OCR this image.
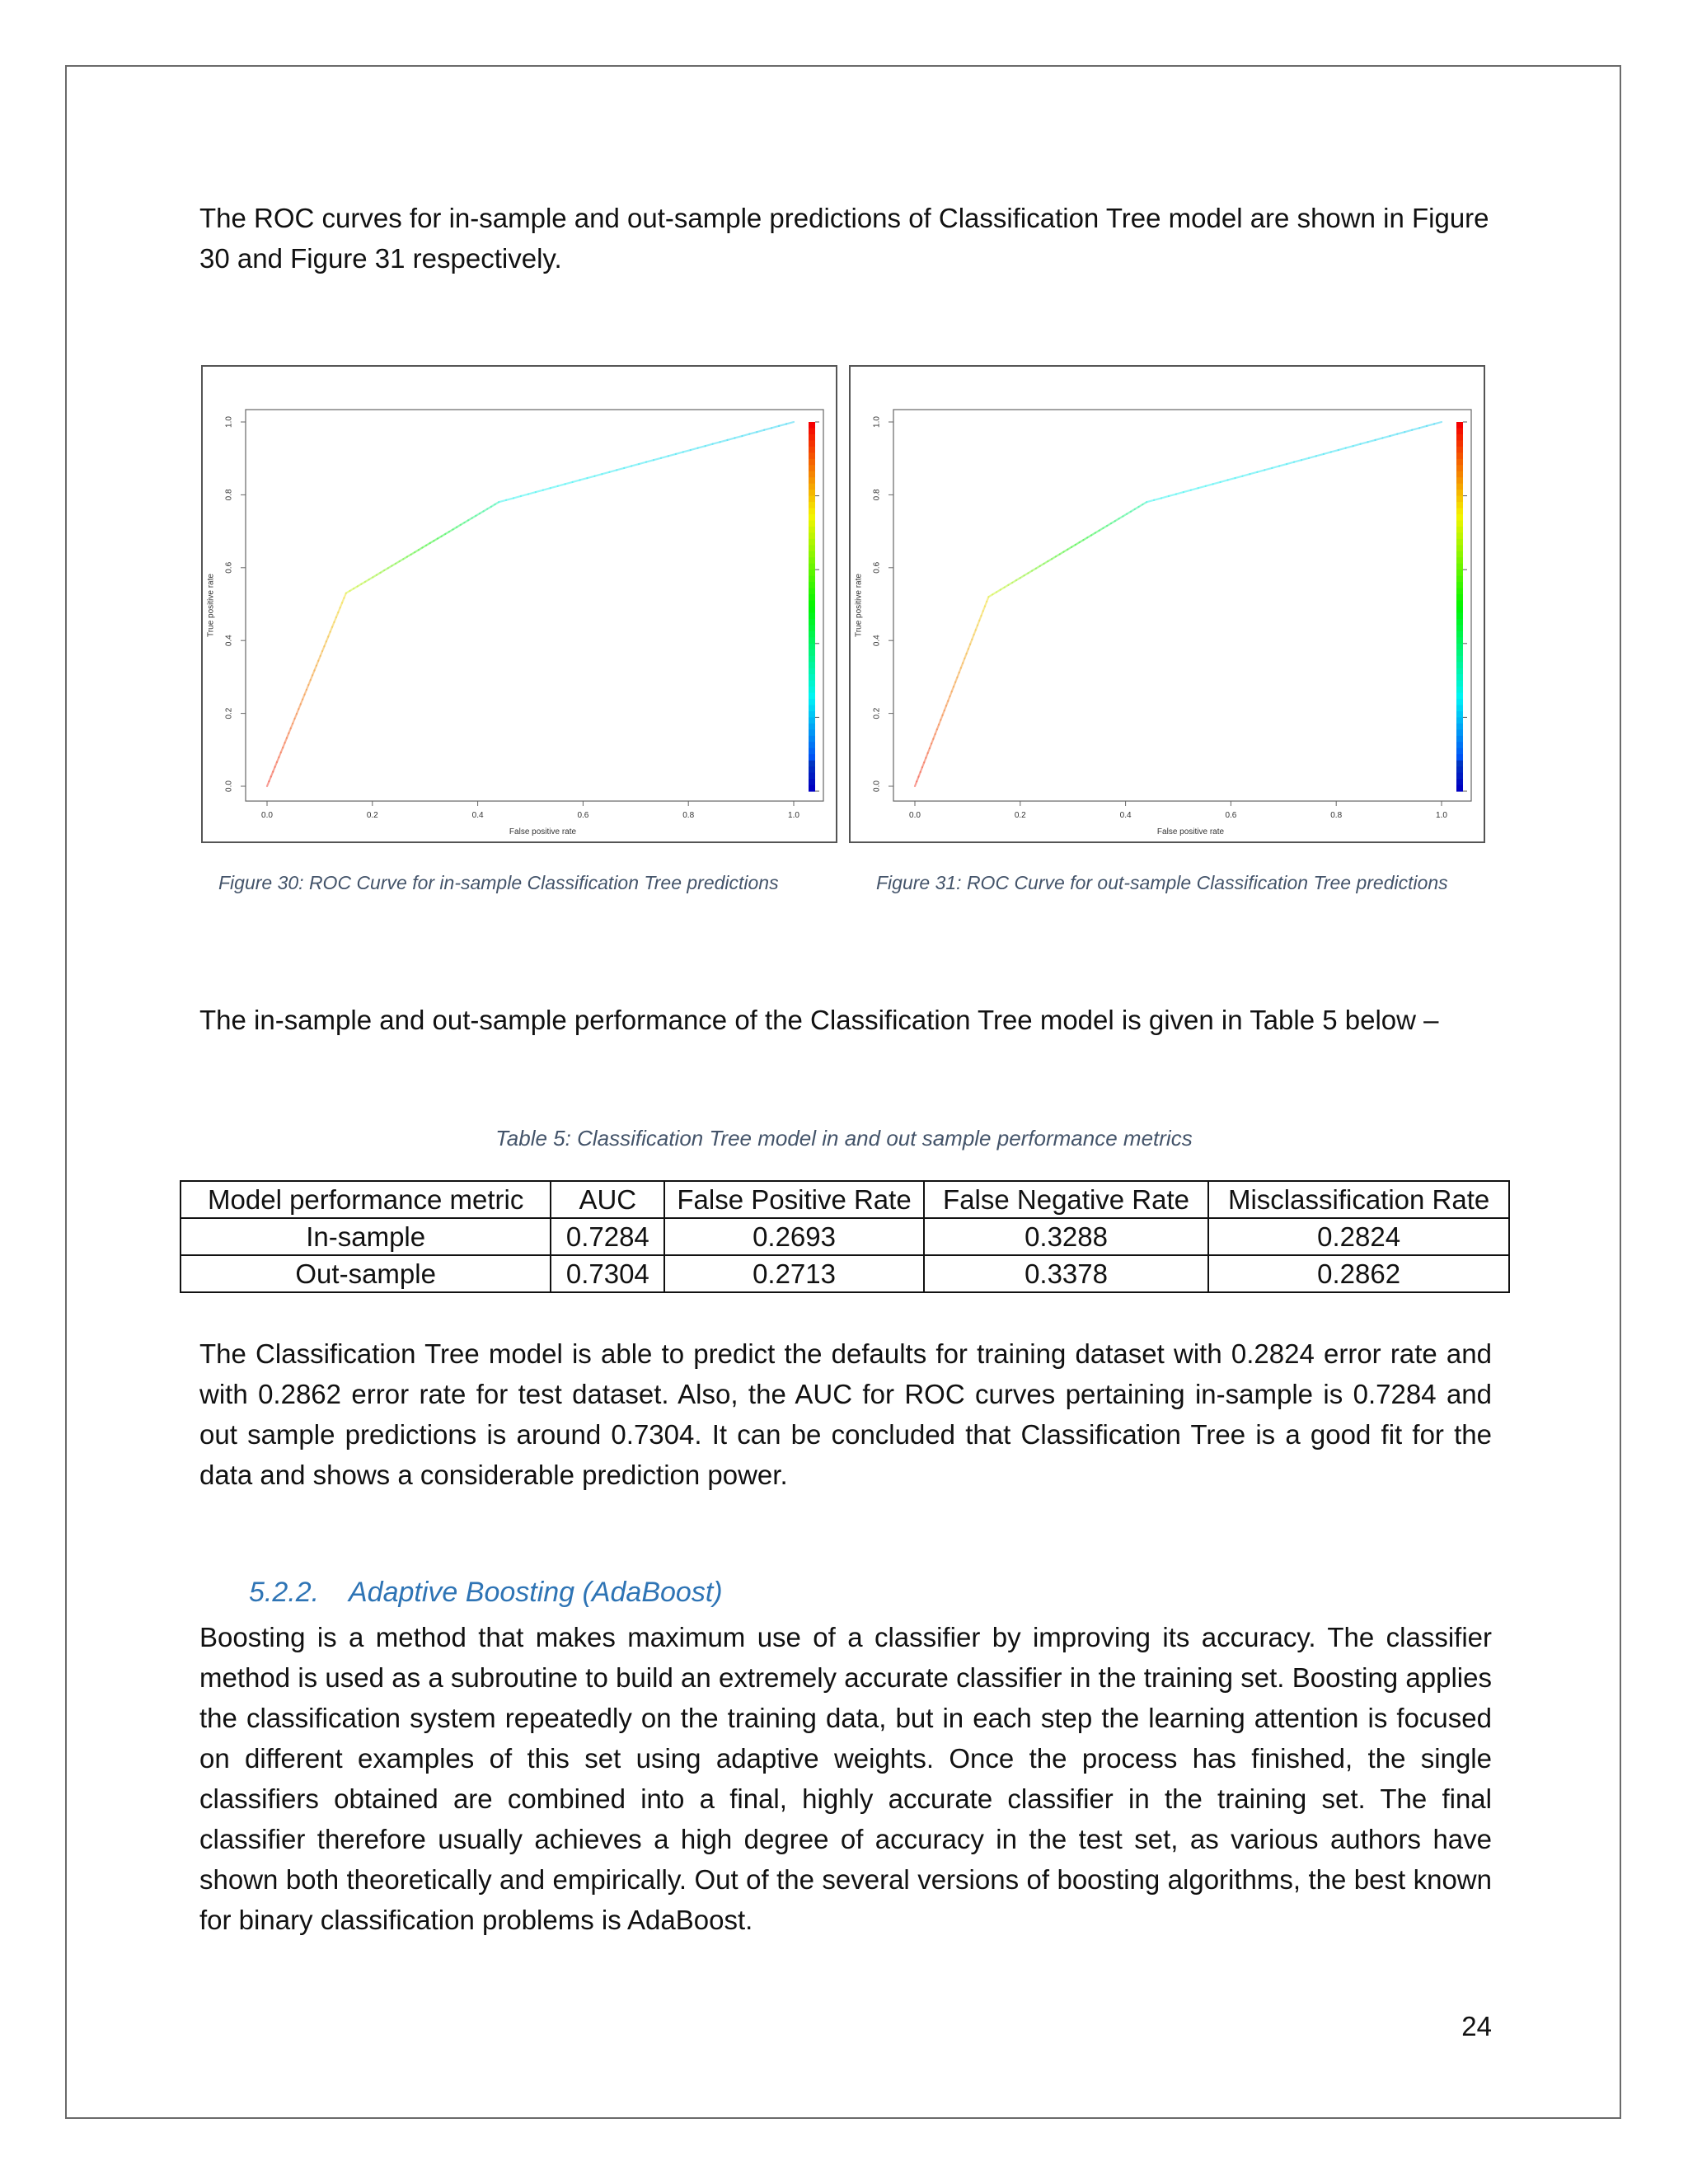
The ROC curves for in-sample and out-sample predictions of Classification Tree model are shown in Figure 30 and Figure 31 respectively.

0.0	0.2	0.4	0.6	0.8	1.0
0.0
0.2
0.4
0.6
0.8
1.0
False positive rate
True positive rate
0.0	0.2	0.4	0.6	0.8	1.0
0.0
0.2
0.4
0.6
0.8
1.0
False positive rate
True positive rate
Figure 30: ROC Curve for in-sample Classification Tree predictions	Figure 31: ROC Curve for out-sample Classification Tree predictions

The in-sample and out-sample performance of the Classification Tree model is given in Table 5 below –

Table 5: Classification Tree model in and out sample performance metrics
Model performance metric	AUC	False Positive Rate	False Negative Rate	Misclassification Rate
In-sample	0.7284	0.2693	0.3288	0.2824
Out-sample	0.7304	0.2713	0.3378	0.2862

The Classification Tree model is able to predict the defaults for training dataset with 0.2824 error rate and with 0.2862 error rate for test dataset. Also, the AUC for ROC curves pertaining in-sample is 0.7284 and out sample predictions is around 0.7304. It can be concluded that Classification Tree is a good fit for the data and shows a considerable prediction power.

5.2.2. Adaptive Boosting (AdaBoost)

Boosting is a method that makes maximum use of a classifier by improving its accuracy. The classifier method is used as a subroutine to build an extremely accurate classifier in the training set. Boosting applies the classification system repeatedly on the training data, but in each step the learning attention is focused on different examples of this set using adaptive weights. Once the process has finished, the single classifiers obtained are combined into a final, highly accurate classifier in the training set. The final classifier therefore usually achieves a high degree of accuracy in the test set, as various authors have shown both theoretically and empirically. Out of the several versions of boosting algorithms, the best known for binary classification problems is AdaBoost.

24
